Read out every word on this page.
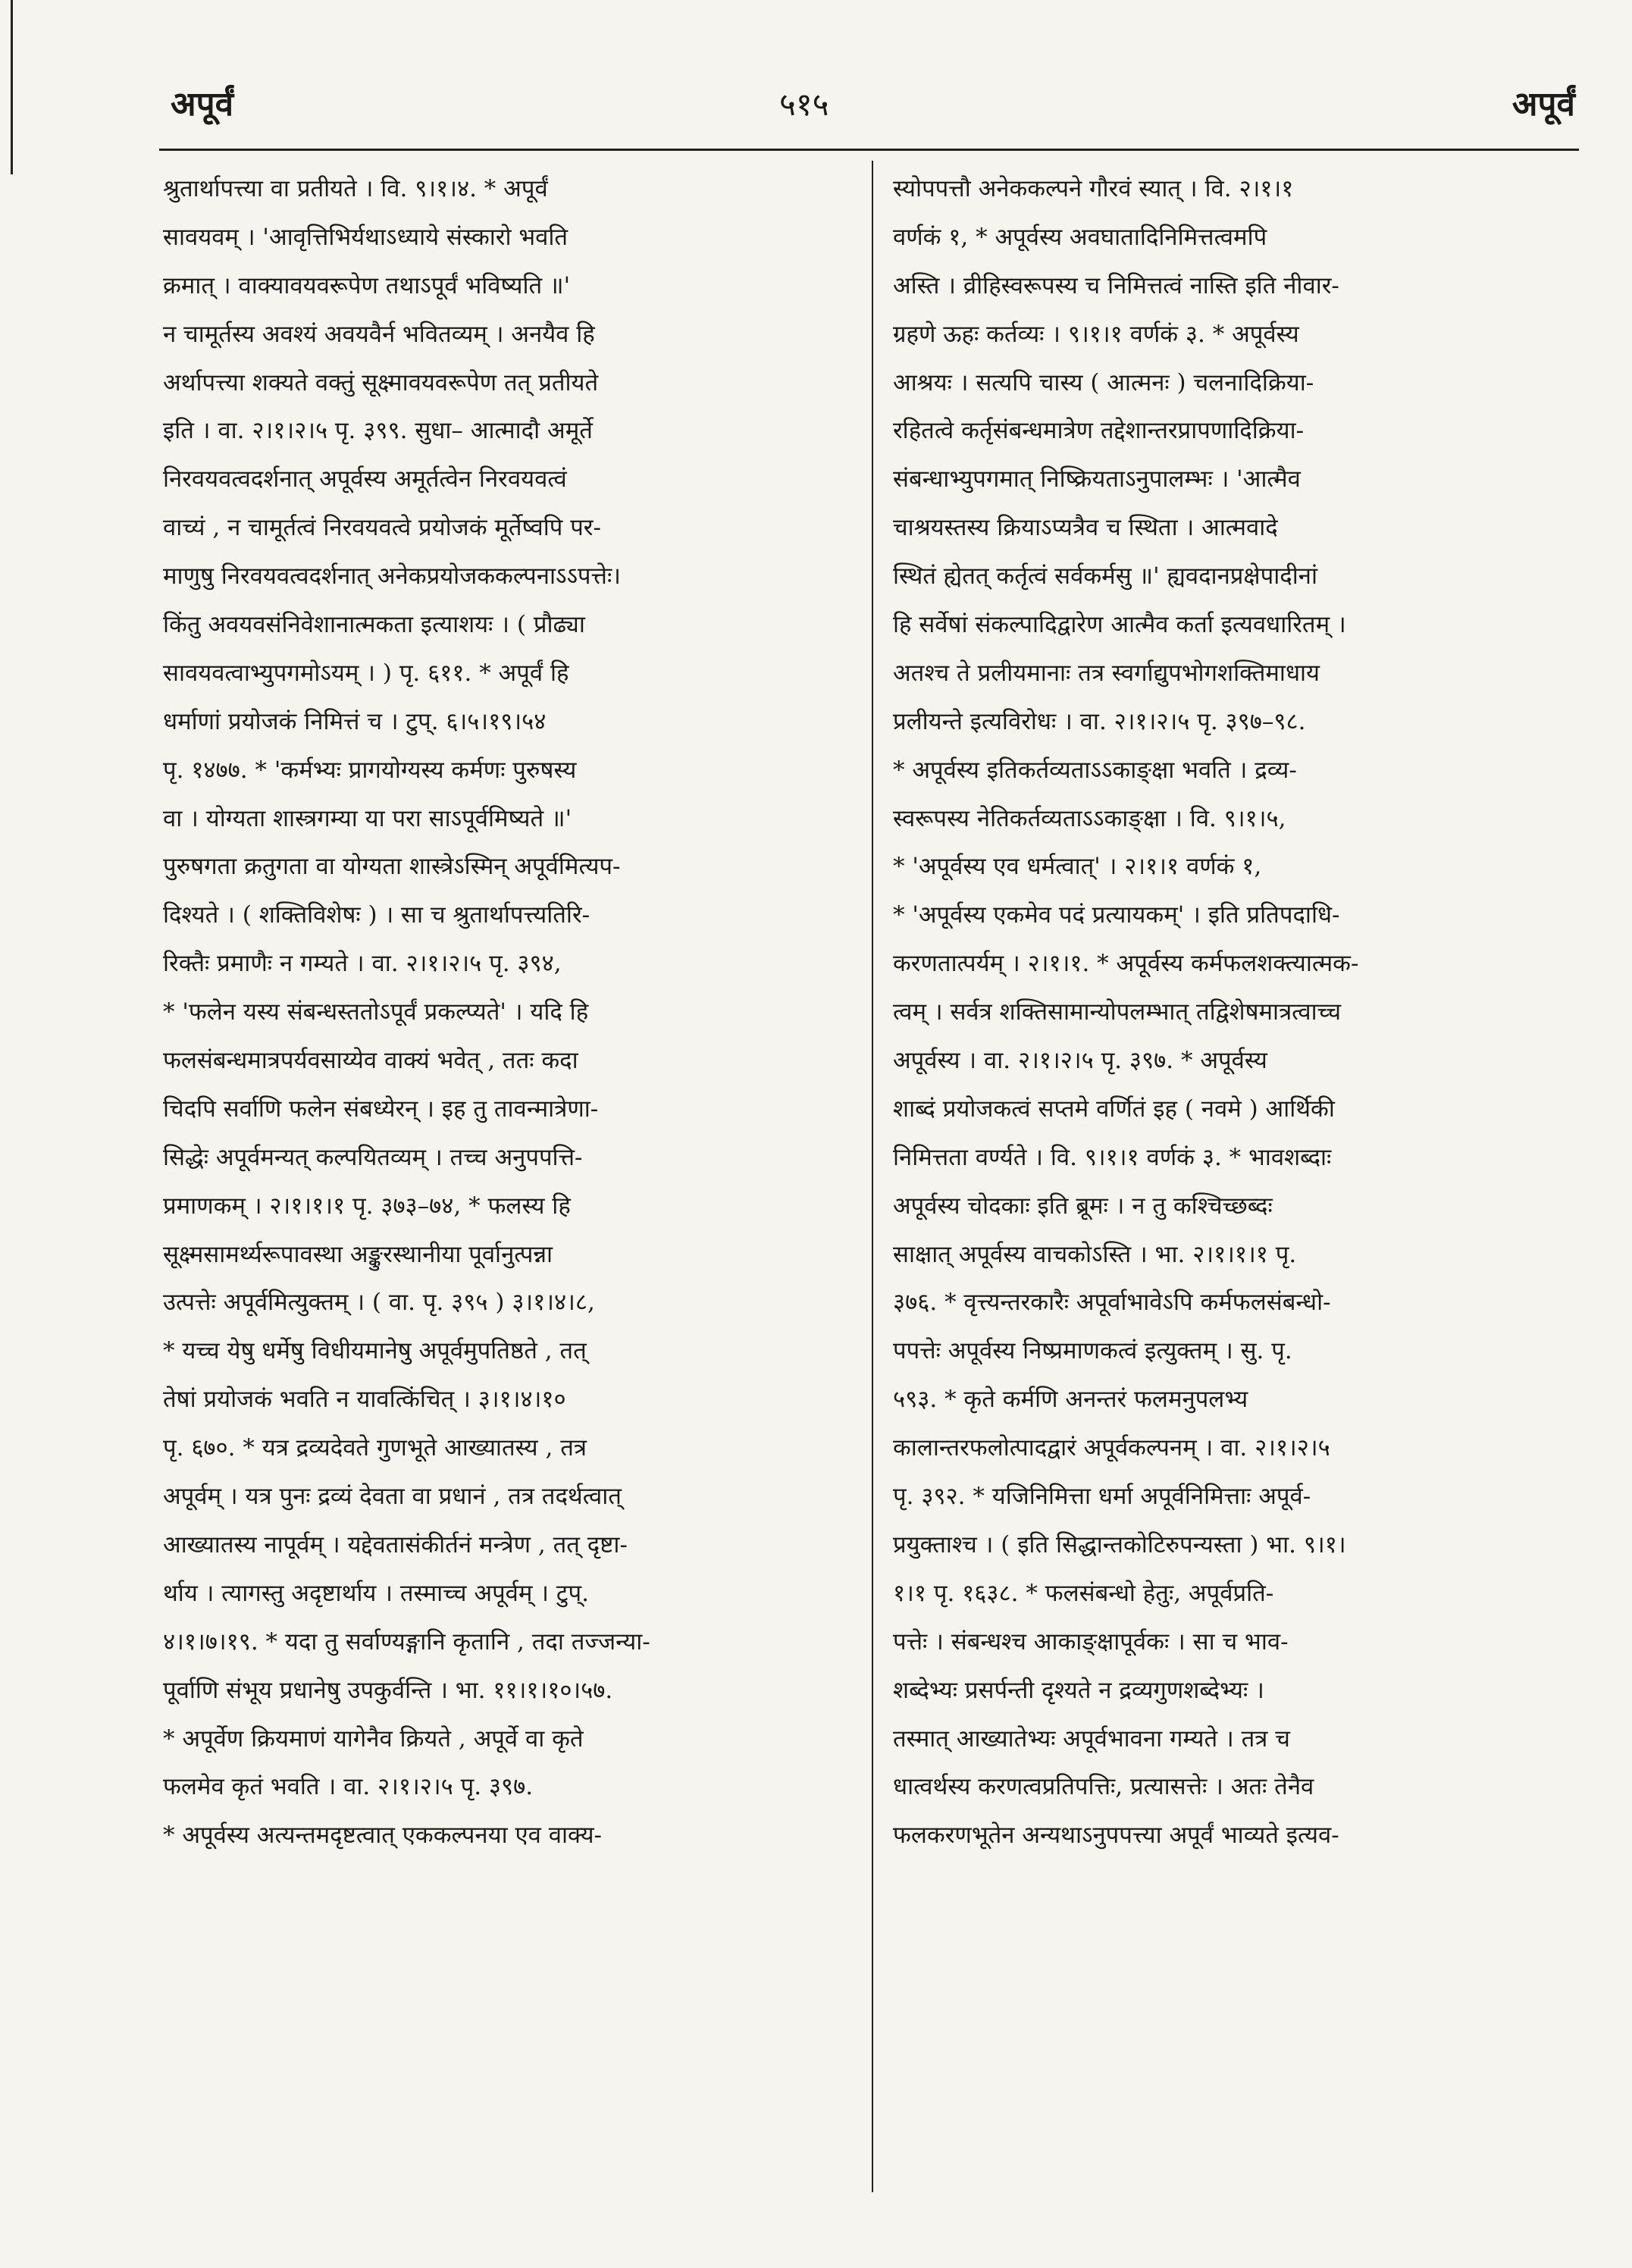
अपूर्वं	५१५	अपूर्वं
श्रुतार्थापत्त्या वा प्रतीयते । वि. ९।१।४. * अपूर्वं
सावयवम् । 'आवृत्तिभिर्यथाऽध्याये संस्कारो भवति
क्रमात् । वाक्यावयवरूपेण तथाऽपूर्वं भविष्यति ॥'
न चामूर्तस्य अवश्यं अवयवैर्न भवितव्यम् । अनयैव हि
अर्थापत्त्या शक्यते वक्तुं सूक्ष्मावयवरूपेण तत् प्रतीयते
इति । वा. २।१।२।५ पृ. ३९९. सुधा– आत्मादौ अमूर्ते
निरवयवत्वदर्शनात् अपूर्वस्य अमूर्तत्वेन निरवयवत्वं
वाच्यं , न चामूर्तत्वं निरवयवत्वे प्रयोजकं मूर्तेष्वपि पर-
माणुषु निरवयवत्वदर्शनात् अनेकप्रयोजककल्पनाऽऽपत्तेः।
किंतु अवयवसंनिवेशानात्मकता इत्याशयः । ( प्रौढ्या
सावयवत्वाभ्युपगमोऽयम् । ) पृ. ६११. * अपूर्वं हि
धर्माणां प्रयोजकं निमित्तं च । टुप्. ६।५।१९।५४
पृ. १४७७. * 'कर्मभ्यः प्रागयोग्यस्य कर्मणः पुरुषस्य
वा । योग्यता शास्त्रगम्या या परा साऽपूर्वमिष्यते ॥'
पुरुषगता क्रतुगता वा योग्यता शास्त्रेऽस्मिन् अपूर्वमित्यप-
दिश्यते । ( शक्तिविशेषः ) । सा च श्रुतार्थापत्त्यतिरि-
रिक्तैः प्रमाणैः न गम्यते । वा. २।१।२।५ पृ. ३९४,
* 'फलेन यस्य संबन्धस्ततोऽपूर्वं प्रकल्प्यते' । यदि हि
फलसंबन्धमात्रपर्यवसाय्येव वाक्यं भवेत् , ततः कदा
चिदपि सर्वाणि फलेन संबध्येरन् । इह तु तावन्मात्रेणा-
सिद्धेः अपूर्वमन्यत् कल्पयितव्यम् । तच्च अनुपपत्ति-
प्रमाणकम् । २।१।१।१ पृ. ३७३–७४, * फलस्य हि
सूक्ष्मसामर्थ्यरूपावस्था अङ्कुरस्थानीया पूर्वानुत्पन्ना
उत्पत्तेः अपूर्वमित्युक्तम् । ( वा. पृ. ३९५ ) ३।१।४।८,
* यच्च येषु धर्मेषु विधीयमानेषु अपूर्वमुपतिष्ठते , तत्
तेषां प्रयोजकं भवति न यावत्किंचित् । ३।१।४।१०
पृ. ६७०. * यत्र द्रव्यदेवते गुणभूते आख्यातस्य , तत्र
अपूर्वम् । यत्र पुनः द्रव्यं देवता वा प्रधानं , तत्र तदर्थत्वात्
आख्यातस्य नापूर्वम् । यद्देवतासंकीर्तनं मन्त्रेण , तत् दृष्टा-
र्थाय । त्यागस्तु अदृष्टार्थाय । तस्माच्च अपूर्वम् । टुप्.
४।१।७।१९. * यदा तु सर्वाण्यङ्गानि कृतानि , तदा तज्जन्या-
पूर्वाणि संभूय प्रधानेषु उपकुर्वन्ति । भा. ११।१।१०।५७.
* अपूर्वेण क्रियमाणं यागेनैव क्रियते , अपूर्वे वा कृते
फलमेव कृतं भवति । वा. २।१।२।५ पृ. ३९७.
* अपूर्वस्य अत्यन्तमदृष्टत्वात् एककल्पनया एव वाक्य-
स्योपपत्तौ अनेककल्पने गौरवं स्यात् । वि. २।१।१
वर्णकं १, * अपूर्वस्य अवघातादिनिमित्तत्वमपि
अस्ति । व्रीहिस्वरूपस्य च निमित्तत्वं नास्ति इति नीवार-
ग्रहणे ऊहः कर्तव्यः । ९।१।१ वर्णकं ३. * अपूर्वस्य
आश्रयः । सत्यपि चास्य ( आत्मनः ) चलनादिक्रिया-
रहितत्वे कर्तृसंबन्धमात्रेण तद्देशान्तरप्रापणादिक्रिया-
संबन्धाभ्युपगमात् निष्क्रियताऽनुपालम्भः । 'आत्मैव
चाश्रयस्तस्य क्रियाऽप्यत्रैव च स्थिता । आत्मवादे
स्थितं ह्येतत् कर्तृत्वं सर्वकर्मसु ॥' ह्यवदानप्रक्षेपादीनां
हि सर्वेषां संकल्पादिद्वारेण आत्मैव कर्ता इत्यवधारितम् ।
अतश्च ते प्रलीयमानाः तत्र स्वर्गाद्युपभोगशक्तिमाधाय
प्रलीयन्ते इत्यविरोधः । वा. २।१।२।५ पृ. ३९७–९८.
* अपूर्वस्य इतिकर्तव्यताऽऽकाङ्क्षा भवति । द्रव्य-
स्वरूपस्य नेतिकर्तव्यताऽऽकाङ्क्षा । वि. ९।१।५,
* 'अपूर्वस्य एव धर्मत्वात्' । २।१।१ वर्णकं १,
* 'अपूर्वस्य एकमेव पदं प्रत्यायकम्' । इति प्रतिपदाधि-
करणतात्पर्यम् । २।१।१. * अपूर्वस्य कर्मफलशक्त्यात्मक-
त्वम् । सर्वत्र शक्तिसामान्योपलम्भात् तद्विशेषमात्रत्वाच्च
अपूर्वस्य । वा. २।१।२।५ पृ. ३९७. * अपूर्वस्य
शाब्दं प्रयोजकत्वं सप्तमे वर्णितं इह ( नवमे ) आर्थिकी
निमित्तता वर्ण्यते । वि. ९।१।१ वर्णकं ३. * भावशब्दाः
अपूर्वस्य चोदकाः इति ब्रूमः । न तु कश्चिच्छब्दः
साक्षात् अपूर्वस्य वाचकोऽस्ति । भा. २।१।१।१ पृ.
३७६. * वृत्त्यन्तरकारैः अपूर्वाभावेऽपि कर्मफलसंबन्धो-
पपत्तेः अपूर्वस्य निष्प्रमाणकत्वं इत्युक्तम् । सु. पृ.
५९३. * कृते कर्मणि अनन्तरं फलमनुपलभ्य
कालान्तरफलोत्पादद्वारं अपूर्वकल्पनम् । वा. २।१।२।५
पृ. ३९२. * यजिनिमित्ता धर्मा अपूर्वनिमित्ताः अपूर्व-
प्रयुक्ताश्च । ( इति सिद्धान्तकोटिरुपन्यस्ता ) भा. ९।१।
१।१ पृ. १६३८. * फलसंबन्धो हेतुः, अपूर्वप्रति-
पत्तेः । संबन्धश्च आकाङ्क्षापूर्वकः । सा च भाव-
शब्देभ्यः प्रसर्पन्ती दृश्यते न द्रव्यगुणशब्देभ्यः ।
तस्मात् आख्यातेभ्यः अपूर्वभावना गम्यते । तत्र च
धात्वर्थस्य करणत्वप्रतिपत्तिः, प्रत्यासत्तेः । अतः तेनैव
फलकरणभूतेन अन्यथाऽनुपपत्त्या अपूर्वं भाव्यते इत्यव-
